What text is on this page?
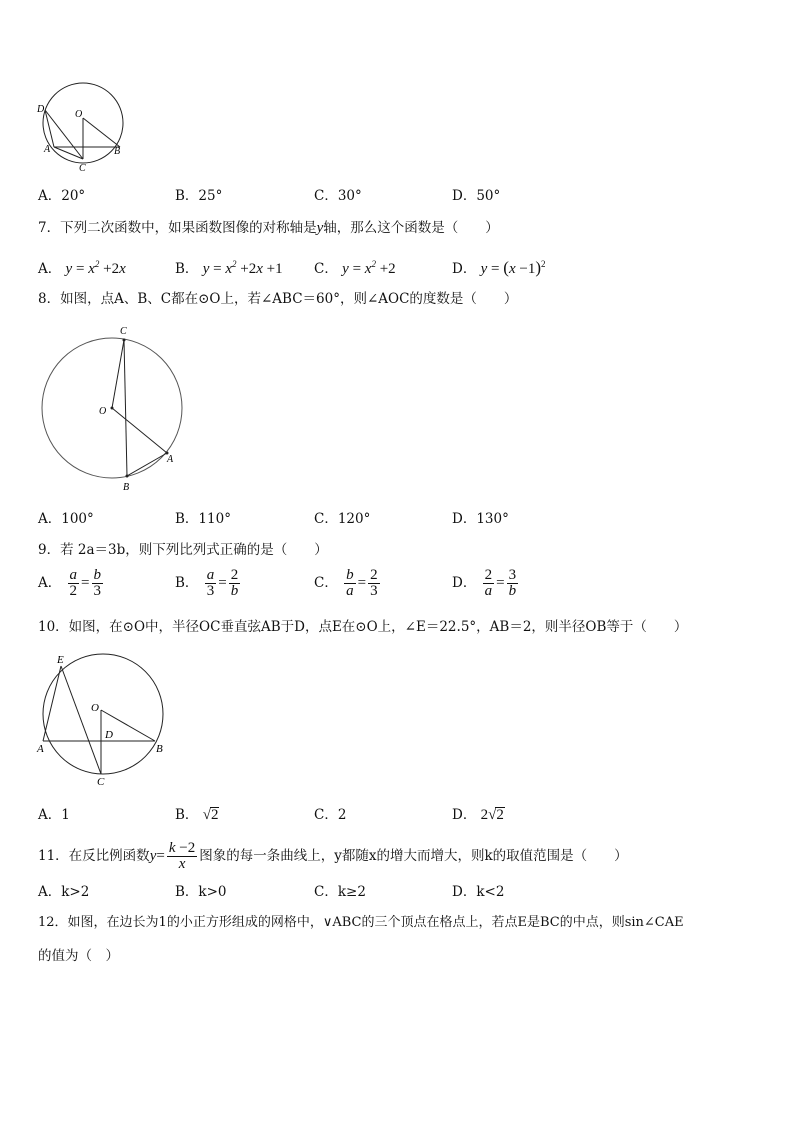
D	O
A	B
C
A．20°	B．25°	C．30°	D．50°
7．下列二次函数中，如果函数图像的对称轴是y轴，那么这个函数是（　　）
A． $y = x^2 +2x$	B． $y = x^2 +2x +1$ C． $y = x^2 +2$	D． $y = (x -1)^2$
8．如图，点A、B、C都在⊙O上，若∠ABC＝60°，则∠AOC的度数是（　　）
C
O
A
B
A．100°	B．110°	C．120°	D．130°
9．若 2a＝3b，则下列比列式正确的是（　　）
A． $\frac{a}{2} = \frac{b}{3}$	B． $\frac{a}{3} = \frac{2}{b}$	C． $\frac{b}{a} = \frac{2}{3}$	D． $\frac{2}{a} = \frac{3}{b}$
10．如图，在⊙O中，半径OC垂直弦AB于D，点E在⊙O上，∠E＝22.5°，AB＝2，则半径OB等于（　　）
E
O
D
A	B
C
A．1	B． √2	C．2	D． 2√2
11．在反比例函数$y= \frac{k -2}{x}$ 图象的每一条曲线上，y都随x的增大而增大，则k的取值范围是（　　）
A．k>2	B．k>0	C．k≥2	D．k<2
12．如图，在边长为1的小正方形组成的网格中，∨ABC的三个顶点在格点上，若点E是BC的中点，则sin∠CAE
的值为（　）
